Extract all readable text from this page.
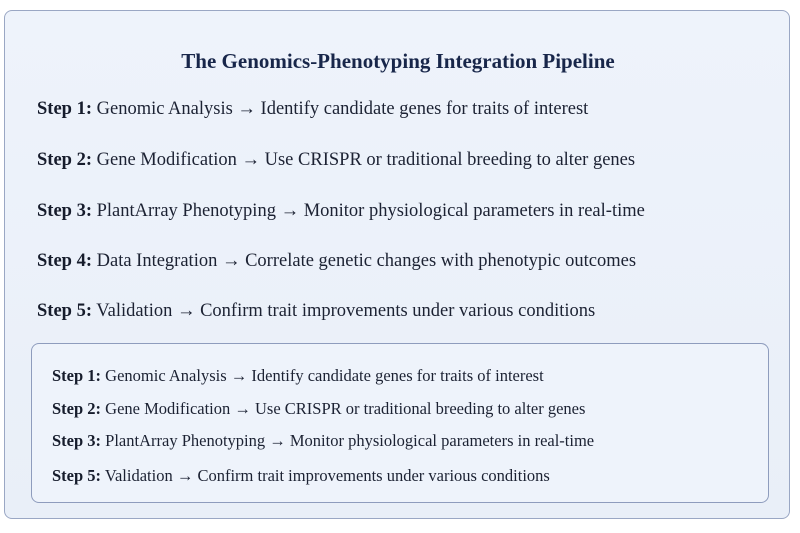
The Genomics-Phenotyping Integration Pipeline
Step 1: Genomic Analysis → Identify candidate genes for traits of interest
Step 2: Gene Modification → Use CRISPR or traditional breeding to alter genes
Step 3: PlantArray Phenotyping → Monitor physiological parameters in real-time
Step 4: Data Integration → Correlate genetic changes with phenotypic outcomes
Step 5: Validation → Confirm trait improvements under various conditions
Step 1: Genomic Analysis → Identify candidate genes for traits of interest
Step 2: Gene Modification → Use CRISPR or traditional breeding to alter genes
Step 3: PlantArray Phenotyping → Monitor physiological parameters in real-time
Step 5: Validation → Confirm trait improvements under various conditions
